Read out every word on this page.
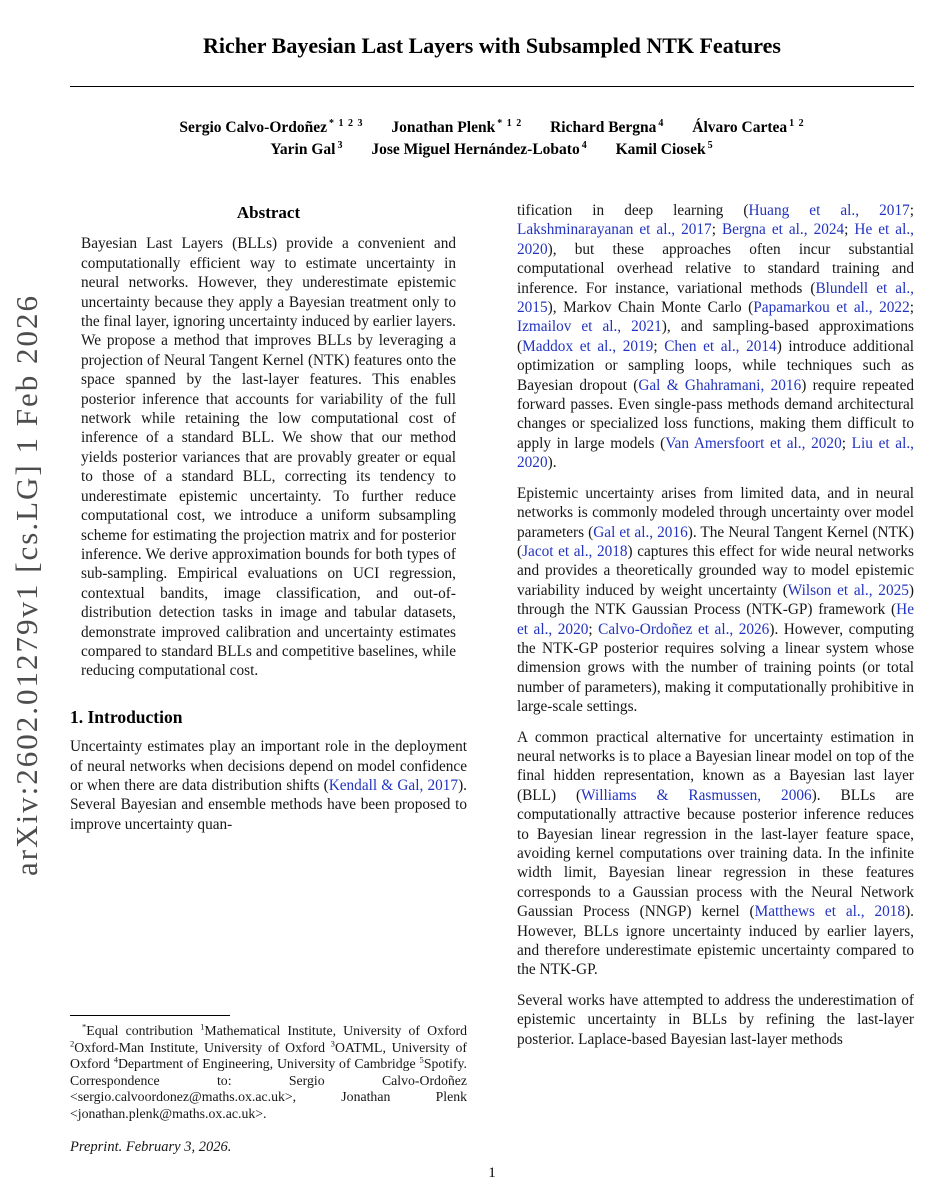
arXiv:2602.01279v1 [cs.LG] 1 Feb 2026
Richer Bayesian Last Layers with Subsampled NTK Features
Sergio Calvo-Ordoñez $^{* 1 2 3}$ Jonathan Plenk $^{* 1 2}$ Richard Bergna $^4$ Álvaro Cartea $^{1 2}$
Yarin Gal $^3$ Jose Miguel Hernández-Lobato $^4$ Kamil Ciosek $^5$
Abstract

Bayesian Last Layers (BLLs) provide a convenient and computationally efficient way to estimate uncertainty in neural networks. However, they underestimate epistemic uncertainty because they apply a Bayesian treatment only to the final layer, ignoring uncertainty induced by earlier layers. We propose a method that improves BLLs by leveraging a projection of Neural Tangent Kernel (NTK) features onto the space spanned by the last-layer features. This enables posterior inference that accounts for variability of the full network while retaining the low computational cost of inference of a standard BLL. We show that our method yields posterior variances that are provably greater or equal to those of a standard BLL, correcting its tendency to underestimate epistemic uncertainty. To further reduce computational cost, we introduce a uniform subsampling scheme for estimating the projection matrix and for posterior inference. We derive approximation bounds for both types of sub-sampling. Empirical evaluations on UCI regression, contextual bandits, image classification, and out-of-distribution detection tasks in image and tabular datasets, demonstrate improved calibration and uncertainty estimates compared to standard BLLs and competitive baselines, while reducing computational cost.

1. Introduction

Uncertainty estimates play an important role in the deployment of neural networks when decisions depend on model confidence or when there are data distribution shifts (Kendall & Gal, 2017). Several Bayesian and ensemble methods have been proposed to improve uncertainty quan-

*Equal contribution $^1$Mathematical Institute, University of Oxford $^2$Oxford-Man Institute, University of Oxford $^3$OATML, University of Oxford $^4$Department of Engineering, University of Cambridge $^5$Spotify. Correspondence to: Sergio Calvo-Ordoñez <sergio.calvoordonez@maths.ox.ac.uk>, Jonathan Plenk <jonathan.plenk@maths.ox.ac.uk>.

Preprint. February 3, 2026.

tification in deep learning (Huang et al., 2017; Lakshminarayanan et al., 2017; Bergna et al., 2024; He et al., 2020), but these approaches often incur substantial computational overhead relative to standard training and inference. For instance, variational methods (Blundell et al., 2015), Markov Chain Monte Carlo (Papamarkou et al., 2022; Izmailov et al., 2021), and sampling-based approximations (Maddox et al., 2019; Chen et al., 2014) introduce additional optimization or sampling loops, while techniques such as Bayesian dropout (Gal & Ghahramani, 2016) require repeated forward passes. Even single-pass methods demand architectural changes or specialized loss functions, making them difficult to apply in large models (Van Amersfoort et al., 2020; Liu et al., 2020).

Epistemic uncertainty arises from limited data, and in neural networks is commonly modeled through uncertainty over model parameters (Gal et al., 2016). The Neural Tangent Kernel (NTK) (Jacot et al., 2018) captures this effect for wide neural networks and provides a theoretically grounded way to model epistemic variability induced by weight uncertainty (Wilson et al., 2025) through the NTK Gaussian Process (NTK-GP) framework (He et al., 2020; Calvo-Ordoñez et al., 2026). However, computing the NTK-GP posterior requires solving a linear system whose dimension grows with the number of training points (or total number of parameters), making it computationally prohibitive in large-scale settings.

A common practical alternative for uncertainty estimation in neural networks is to place a Bayesian linear model on top of the final hidden representation, known as a Bayesian last layer (BLL) (Williams & Rasmussen, 2006). BLLs are computationally attractive because posterior inference reduces to Bayesian linear regression in the last-layer feature space, avoiding kernel computations over training data. In the infinite width limit, Bayesian linear regression in these features corresponds to a Gaussian process with the Neural Network Gaussian Process (NNGP) kernel (Matthews et al., 2018). However, BLLs ignore uncertainty induced by earlier layers, and therefore underestimate epistemic uncertainty compared to the NTK-GP.

Several works have attempted to address the underestimation of epistemic uncertainty in BLLs by refining the last-layer posterior. Laplace-based Bayesian last-layer methods

1
